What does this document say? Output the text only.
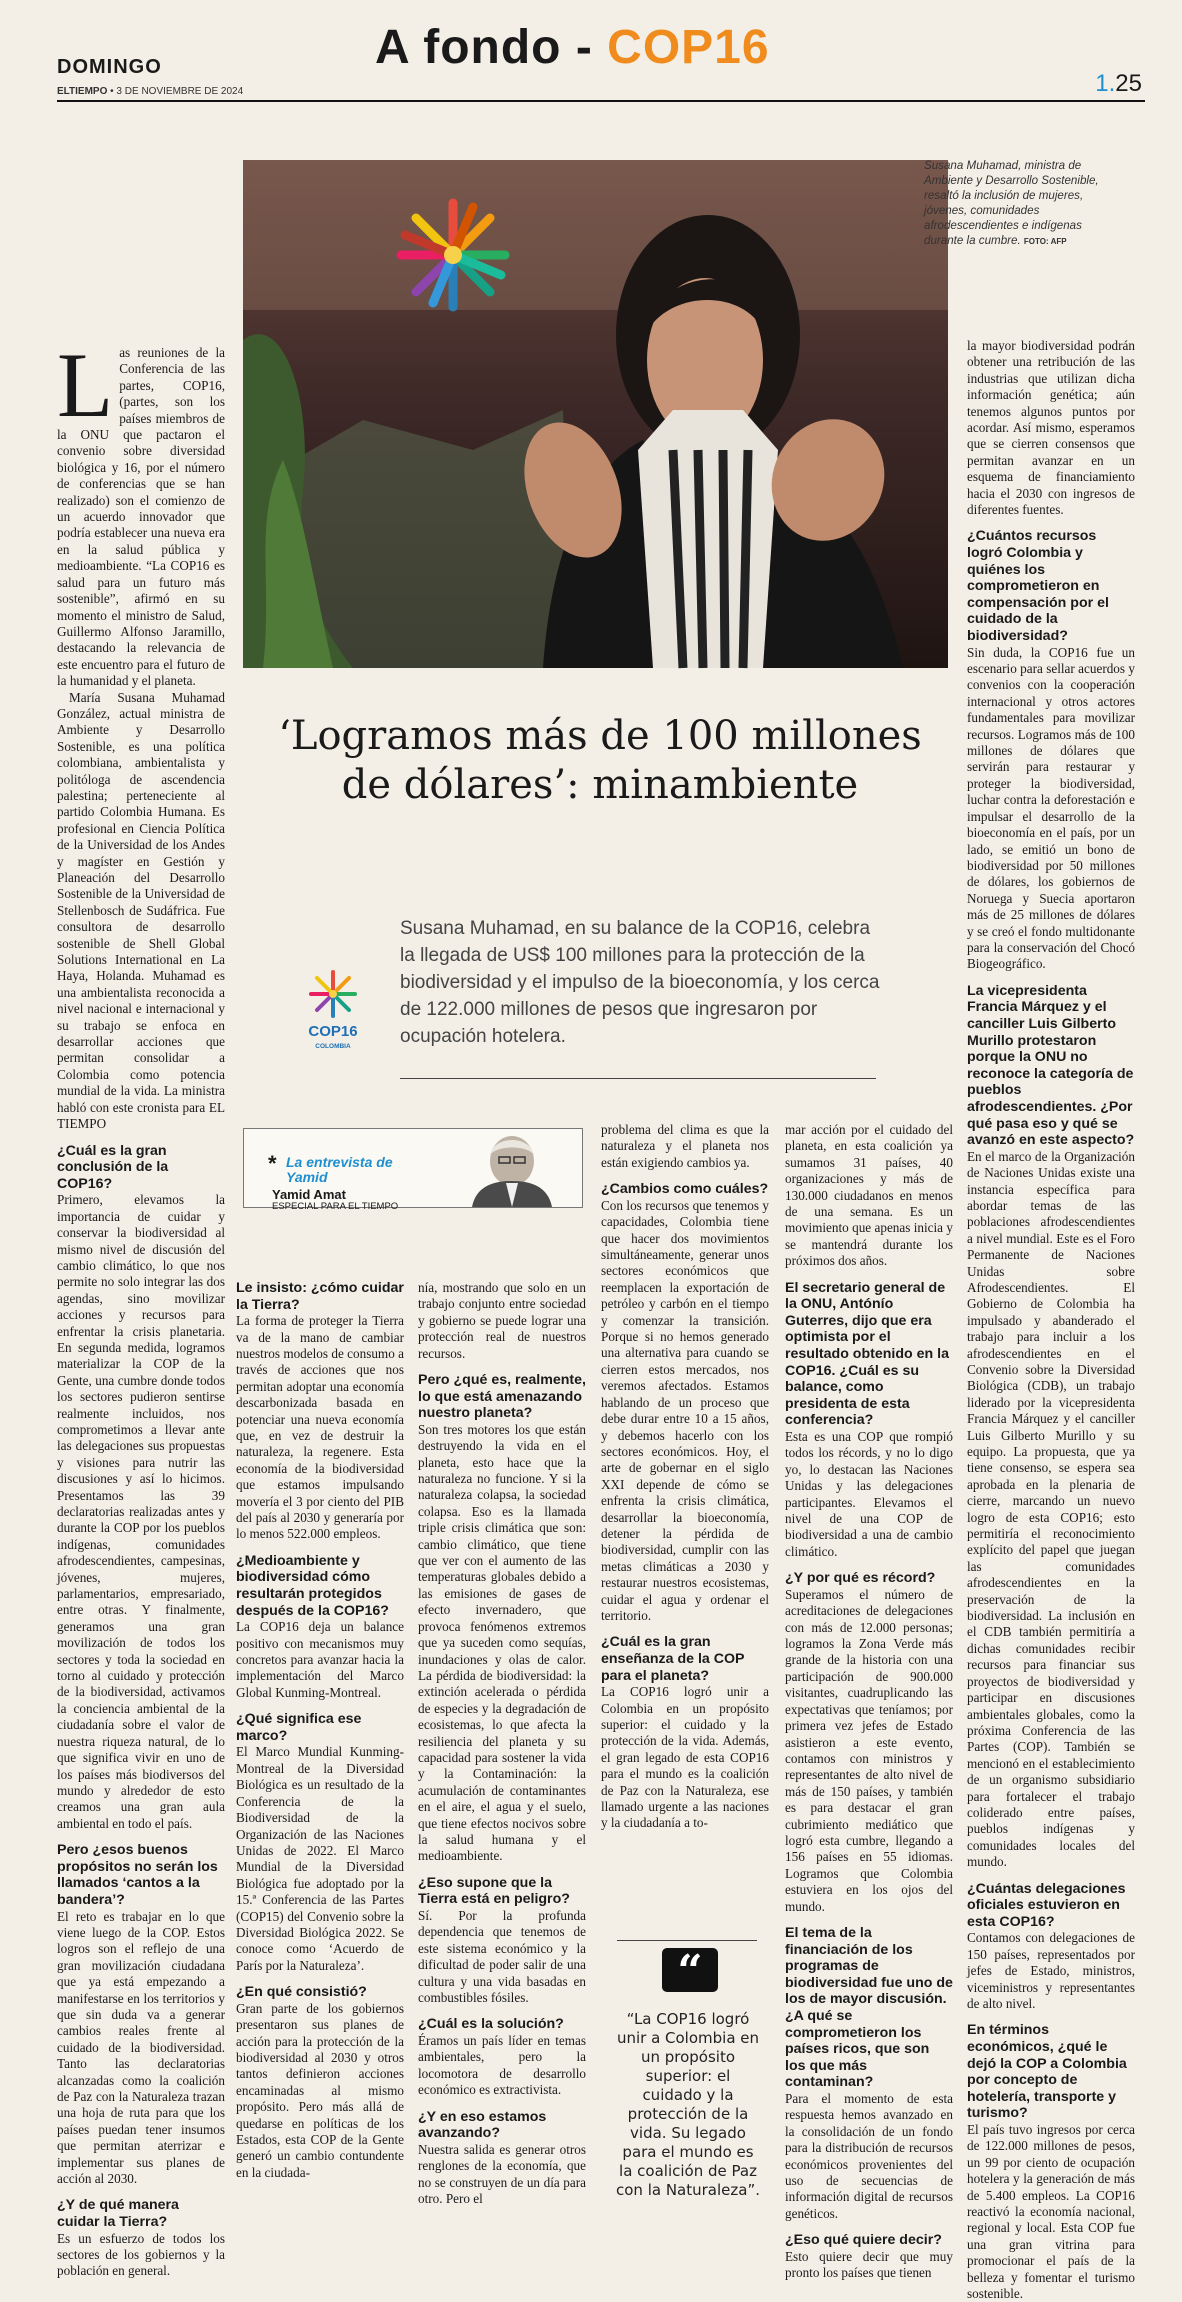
DOMINGO
ELTIEMPO • 3 DE NOVIEMBRE DE 2024
A fondo - COP16
1.25
Susana Muhamad, ministra de Ambiente y Desarrollo Sostenible, resaltó la inclusión de mujeres, jóvenes, comunidades afrodescendientes e indígenas durante la cumbre. FOTO: AFP
‘Logramos más de 100 millones de dólares’: minambiente
COP16
COLOMBIA
Susana Muhamad, en su balance de la COP16, celebra la llegada de US$ 100 millones para la protección de la biodiversidad y el impulso de la bioeconomía, y los cerca de 122.000 millones de pesos que ingresaron por ocupación hotelera.
* La entrevista de Yamid
Yamid Amat
ESPECIAL PARA EL TIEMPO
“
“La COP16 logró unir a Colombia en un propósito superior: el cuidado y la protección de la vida. Su legado para el mundo es la coalición de Paz con la Naturaleza”.

Las reuniones de la Conferencia de las partes, COP16, (partes, son los países miembros de la ONU que pactaron el convenio sobre diversidad biológica y 16, por el número de conferencias que se han realizado) son el comienzo de un acuerdo innovador que podría establecer una nueva era en la salud pública y medioambiente. “La COP16 es salud para un futuro más sostenible”, afirmó en su momento el ministro de Salud, Guillermo Alfonso Jaramillo, destacando la relevancia de este encuentro para el futuro de la humanidad y el planeta.

María Susana Muhamad González, actual ministra de Ambiente y Desarrollo Sostenible, es una política colombiana, ambientalista y politóloga de ascendencia palestina; perteneciente al partido Colombia Humana. Es profesional en Ciencia Política de la Universidad de los Andes y magíster en Gestión y Planeación del Desarrollo Sostenible de la Universidad de Stellenbosch de Sudáfrica. Fue consultora de desarrollo sostenible de Shell Global Solutions International en La Haya, Holanda. Muhamad es una ambientalista reconocida a nivel nacional e internacional y su trabajo se enfoca en desarrollar acciones que permitan consolidar a Colombia como potencia mundial de la vida. La ministra habló con este cronista para EL TIEMPO

¿Cuál es la gran conclusión de la COP16?

Primero, elevamos la importancia de cuidar y conservar la biodiversidad al mismo nivel de discusión del cambio climático, lo que nos permite no solo integrar las dos agendas, sino movilizar acciones y recursos para enfrentar la crisis planetaria. En segunda medida, logramos materializar la COP de la Gente, una cumbre donde todos los sectores pudieron sentirse realmente incluidos, nos comprometimos a llevar ante las delegaciones sus propuestas y visiones para nutrir las discusiones y así lo hicimos. Presentamos las 39 declaratorias realizadas antes y durante la COP por los pueblos indígenas, comunidades afrodescendientes, campesinas, jóvenes, mujeres, parlamentarios, empresariado, entre otras. Y finalmente, generamos una gran movilización de todos los sectores y toda la sociedad en torno al cuidado y protección de la biodiversidad, activamos la conciencia ambiental de la ciudadanía sobre el valor de nuestra riqueza natural, de lo que significa vivir en uno de los países más biodiversos del mundo y alrededor de esto creamos una gran aula ambiental en todo el país.

Pero ¿esos buenos propósitos no serán los llamados ‘cantos a la bandera’?

El reto es trabajar en lo que viene luego de la COP. Estos logros son el reflejo de una gran movilización ciudadana que ya está empezando a manifestarse en los territorios y que sin duda va a generar cambios reales frente al cuidado de la biodiversidad. Tanto las declaratorias alcanzadas como la coalición de Paz con la Naturaleza trazan una hoja de ruta para que los países puedan tener insumos que permitan aterrizar e implementar sus planes de acción al 2030.

¿Y de qué manera cuidar la Tierra?

Es un esfuerzo de todos los sectores de los gobiernos y la población en general.

Le insisto: ¿cómo cuidar la Tierra?

La forma de proteger la Tierra va de la mano de cambiar nuestros modelos de consumo a través de acciones que nos permitan adoptar una economía descarbonizada basada en potenciar una nueva economía que, en vez de destruir la naturaleza, la regenere. Esta economía de la biodiversidad que estamos impulsando movería el 3 por ciento del PIB del país al 2030 y generaría por lo menos 522.000 empleos.

¿Medioambiente y biodiversidad cómo resultarán protegidos después de la COP16?

La COP16 deja un balance positivo con mecanismos muy concretos para avanzar hacia la implementación del Marco Global Kunming-Montreal.

¿Qué significa ese marco?

El Marco Mundial Kunming-Montreal de la Diversidad Biológica es un resultado de la Conferencia de la Biodiversidad de la Organización de las Naciones Unidas de 2022. El Marco Mundial de la Diversidad Biológica fue adoptado por la 15.ª Conferencia de las Partes (COP15) del Convenio sobre la Diversidad Biológica 2022. Se conoce como ‘Acuerdo de París por la Naturaleza’.

¿En qué consistió?

Gran parte de los gobiernos presentaron sus planes de acción para la protección de la biodiversidad al 2030 y otros tantos definieron acciones encaminadas al mismo propósito. Pero más allá de quedarse en políticas de los Estados, esta COP de la Gente generó un cambio contundente en la ciudada-

nía, mostrando que solo en un trabajo conjunto entre sociedad y gobierno se puede lograr una protección real de nuestros recursos.

Pero ¿qué es, realmente, lo que está amenazando nuestro planeta?

Son tres motores los que están destruyendo la vida en el planeta, esto hace que la naturaleza no funcione. Y si la naturaleza colapsa, la sociedad colapsa. Eso es la llamada triple crisis climática que son: cambio climático, que tiene que ver con el aumento de las temperaturas globales debido a las emisiones de gases de efecto invernadero, que provoca fenómenos extremos que ya suceden como sequías, inundaciones y olas de calor. La pérdida de biodiversidad: la extinción acelerada o pérdida de especies y la degradación de ecosistemas, lo que afecta la resiliencia del planeta y su capacidad para sostener la vida y la Contaminación: la acumulación de contaminantes en el aire, el agua y el suelo, que tiene efectos nocivos sobre la salud humana y el medioambiente.

¿Eso supone que la Tierra está en peligro?

Sí. Por la profunda dependencia que tenemos de este sistema económico y la dificultad de poder salir de una cultura y una vida basadas en combustibles fósiles.

¿Cuál es la solución?

Éramos un país líder en temas ambientales, pero la locomotora de desarrollo económico es extractivista.

¿Y en eso estamos avanzando?

Nuestra salida es generar otros renglones de la economía, que no se construyen de un día para otro. Pero el

problema del clima es que la naturaleza y el planeta nos están exigiendo cambios ya.

¿Cambios como cuáles?

Con los recursos que tenemos y capacidades, Colombia tiene que hacer dos movimientos simultáneamente, generar unos sectores económicos que reemplacen la exportación de petróleo y carbón en el tiempo y comenzar la transición. Porque si no hemos generado una alternativa para cuando se cierren estos mercados, nos veremos afectados. Estamos hablando de un proceso que debe durar entre 10 a 15 años, y debemos hacerlo con los sectores económicos. Hoy, el arte de gobernar en el siglo XXI depende de cómo se enfrenta la crisis climática, desarrollar la bioeconomía, detener la pérdida de biodiversidad, cumplir con las metas climáticas a 2030 y restaurar nuestros ecosistemas, cuidar el agua y ordenar el territorio.

¿Cuál es la gran enseñanza de la COP para el planeta?

La COP16 logró unir a Colombia en un propósito superior: el cuidado y la protección de la vida. Además, el gran legado de esta COP16 para el mundo es la coalición de Paz con la Naturaleza, ese llamado urgente a las naciones y la ciudadanía a to-

mar acción por el cuidado del planeta, en esta coalición ya sumamos 31 países, 40 organizaciones y más de 130.000 ciudadanos en menos de una semana. Es un movimiento que apenas inicia y se mantendrá durante los próximos dos años.

El secretario general de la ONU, Antónío Guterres, dijo que era optimista por el resultado obtenido en la COP16. ¿Cuál es su balance, como presidenta de esta conferencia?

Esta es una COP que rompió todos los récords, y no lo digo yo, lo destacan las Naciones Unidas y las delegaciones participantes. Elevamos el nivel de una COP de biodiversidad a una de cambio climático.

¿Y por qué es récord?

Superamos el número de acreditaciones de delegaciones con más de 12.000 personas; logramos la Zona Verde más grande de la historia con una participación de 900.000 visitantes, cuadruplicando las expectativas que teníamos; por primera vez jefes de Estado asistieron a este evento, contamos con ministros y representantes de alto nivel de más de 150 países, y también es para destacar el gran cubrimiento mediático que logró esta cumbre, llegando a 156 países en 55 idiomas. Logramos que Colombia estuviera en los ojos del mundo.

El tema de la financiación de los programas de biodiversidad fue uno de los de mayor discusión. ¿A qué se comprometieron los países ricos, que son los que más contaminan?

Para el momento de esta respuesta hemos avanzado en la consolidación de un fondo para la distribución de recursos económicos provenientes del uso de secuencias de información digital de recursos genéticos.

¿Eso qué quiere decir?

Esto quiere decir que muy pronto los países que tienen

la mayor biodiversidad podrán obtener una retribución de las industrias que utilizan dicha información genética; aún tenemos algunos puntos por acordar. Así mismo, esperamos que se cierren consensos que permitan avanzar en un esquema de financiamiento hacia el 2030 con ingresos de diferentes fuentes.

¿Cuántos recursos logró Colombia y quiénes los comprometieron en compensación por el cuidado de la biodiversidad?

Sin duda, la COP16 fue un escenario para sellar acuerdos y convenios con la cooperación internacional y otros actores fundamentales para movilizar recursos. Logramos más de 100 millones de dólares que servirán para restaurar y proteger la biodiversidad, luchar contra la deforestación e impulsar el desarrollo de la bioeconomía en el país, por un lado, se emitió un bono de biodiversidad por 50 millones de dólares, los gobiernos de Noruega y Suecia aportaron más de 25 millones de dólares y se creó el fondo multidonante para la conservación del Chocó Biogeográfico.

La vicepresidenta Francia Márquez y el canciller Luis Gilberto Murillo protestaron porque la ONU no reconoce la categoría de pueblos afrodescendientes. ¿Por qué pasa eso y qué se avanzó en este aspecto?

En el marco de la Organización de Naciones Unidas existe una instancia específica para abordar temas de las poblaciones afrodescendientes a nivel mundial. Este es el Foro Permanente de Naciones Unidas sobre Afrodescendientes. El Gobierno de Colombia ha impulsado y abanderado el trabajo para incluir a los afrodescendientes en el Convenio sobre la Diversidad Biológica (CDB), un trabajo liderado por la vicepresidenta Francia Márquez y el canciller Luis Gilberto Murillo y su equipo. La propuesta, que ya tiene consenso, se espera sea aprobada en la plenaria de cierre, marcando un nuevo logro de esta COP16; esto permitiría el reconocimiento explícito del papel que juegan las comunidades afrodescendientes en la preservación de la biodiversidad. La inclusión en el CDB también permitiría a dichas comunidades recibir recursos para financiar sus proyectos de biodiversidad y participar en discusiones ambientales globales, como la próxima Conferencia de las Partes (COP). También se mencionó en el establecimiento de un organismo subsidiario para fortalecer el trabajo coliderado entre países, pueblos indígenas y comunidades locales del mundo.

¿Cuántas delegaciones oficiales estuvieron en esta COP16?

Contamos con delegaciones de 150 países, representados por jefes de Estado, ministros, viceministros y representantes de alto nivel.

En términos económicos, ¿qué le dejó la COP a Colombia por concepto de hotelería, transporte y turismo?

El país tuvo ingresos por cerca de 122.000 millones de pesos, un 99 por ciento de ocupación hotelera y la generación de más de 5.400 empleos. La COP16 reactivó la economía nacional, regional y local. Esta COP fue una gran vitrina para promocionar el país de la belleza y fomentar el turismo sostenible.
